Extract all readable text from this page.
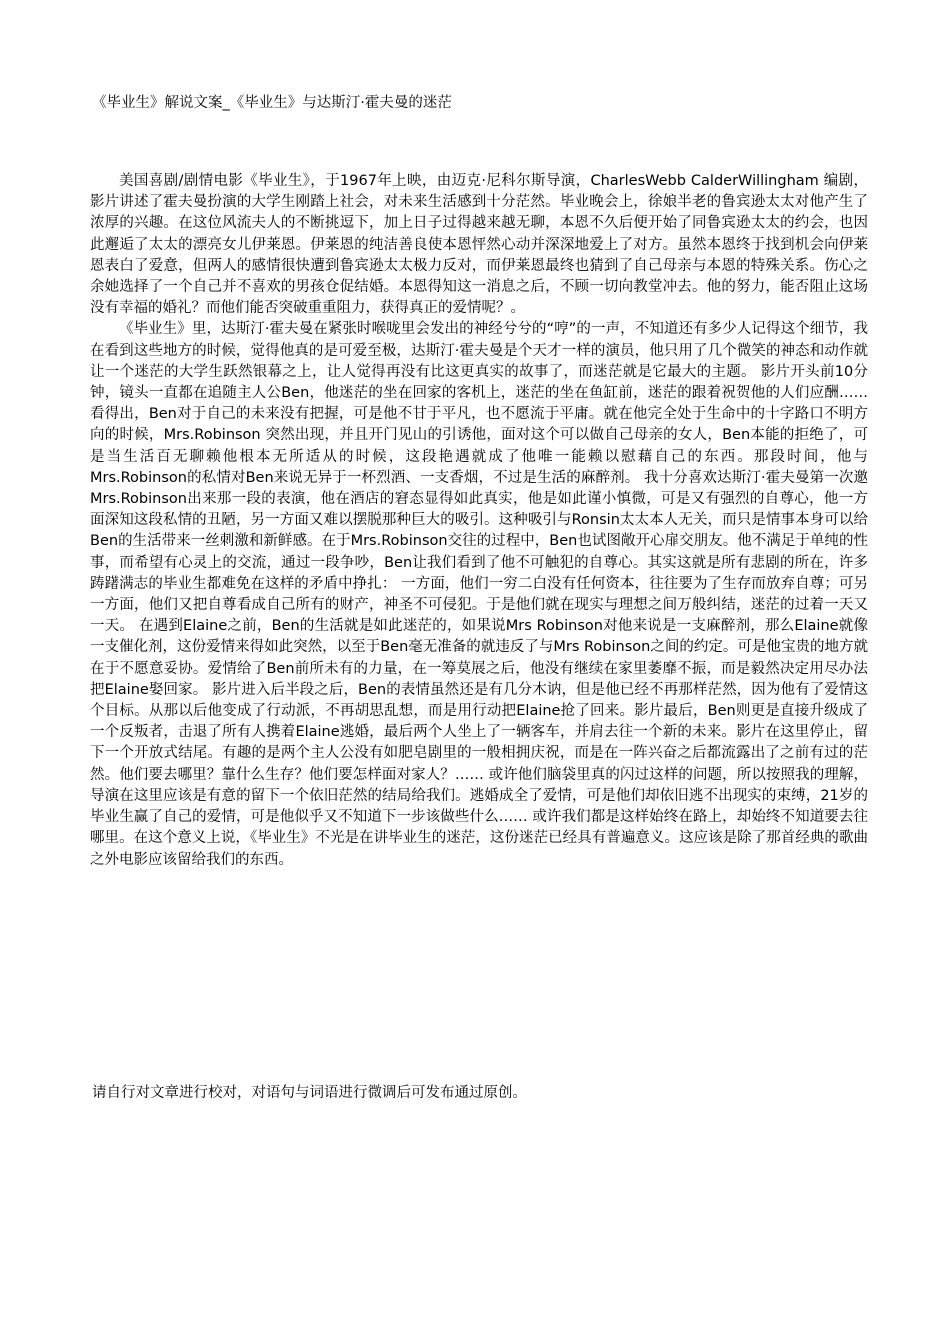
《毕业生》解说文案_《毕业生》与达斯汀·霍夫曼的迷茫

美国喜剧/剧情电影《毕业生》，于1967年上映，由迈克·尼科尔斯导演，CharlesWebb CalderWillingham 编剧，影片讲述了霍夫曼扮演的大学生刚踏上社会，对未来生活感到十分茫然。毕业晚会上，徐娘半老的鲁宾逊太太对他产生了浓厚的兴趣。在这位风流夫人的不断挑逗下，加上日子过得越来越无聊，本恩不久后便开始了同鲁宾逊太太的约会，也因此邂逅了太太的漂亮女儿伊莱恩。伊莱恩的纯洁善良使本恩怦然心动并深深地爱上了对方。虽然本恩终于找到机会向伊莱恩表白了爱意，但两人的感情很快遭到鲁宾逊太太极力反对，而伊莱恩最终也猜到了自己母亲与本恩的特殊关系。伤心之余她选择了一个自己并不喜欢的男孩仓促结婚。本恩得知这一消息之后，不顾一切向教堂冲去。他的努力，能否阻止这场没有幸福的婚礼？而他们能否突破重重阻力，获得真正的爱情呢？。

《毕业生》里，达斯汀·霍夫曼在紧张时喉咙里会发出的神经兮兮的“哼”的一声，不知道还有多少人记得这个细节，我在看到这些地方的时候，觉得他真的是可爱至极，达斯汀·霍夫曼是个天才一样的演员，他只用了几个微笑的神态和动作就让一个迷茫的大学生跃然银幕之上，让人觉得再没有比这更真实的故事了，而迷茫就是它最大的主题。 影片开头前10分钟，镜头一直都在追随主人公Ben，他迷茫的坐在回家的客机上，迷茫的坐在鱼缸前，迷茫的跟着祝贺他的人们应酬……看得出，Ben对于自己的未来没有把握，可是他不甘于平凡，也不愿流于平庸。就在他完全处于生命中的十字路口不明方向的时候，Mrs.Robinson 突然出现，并且开门见山的引诱他，面对这个可以做自己母亲的女人，Ben本能的拒绝了，可是当生活百无聊赖他根本无所适从的时候，这段艳遇就成了他唯一能赖以慰藉自己的东西。那段时间，他与Mrs.Robinson的私情对Ben来说无异于一杯烈酒、一支香烟，不过是生活的麻醉剂。 我十分喜欢达斯汀·霍夫曼第一次邀Mrs.Robinson出来那一段的表演，他在酒店的窘态显得如此真实，他是如此谨小慎微，可是又有强烈的自尊心，他一方面深知这段私情的丑陋，另一方面又难以摆脱那种巨大的吸引。这种吸引与Ronsin太太本人无关，而只是情事本身可以给Ben的生活带来一丝刺激和新鲜感。在于Mrs.Robinson交往的过程中，Ben也试图敞开心扉交朋友。他不满足于单纯的性事，而希望有心灵上的交流，通过一段争吵，Ben让我们看到了他不可触犯的自尊心。其实这就是所有悲剧的所在，许多踌躇满志的毕业生都难免在这样的矛盾中挣扎： 一方面，他们一穷二白没有任何资本，往往要为了生存而放弃自尊；可另一方面，他们又把自尊看成自己所有的财产，神圣不可侵犯。于是他们就在现实与理想之间万般纠结，迷茫的过着一天又一天。 在遇到Elaine之前，Ben的生活就是如此迷茫的，如果说Mrs Robinson对他来说是一支麻醉剂，那么Elaine就像一支催化剂，这份爱情来得如此突然，以至于Ben毫无准备的就违反了与Mrs Robinson之间的约定。可是他宝贵的地方就在于不愿意妥协。爱情给了Ben前所未有的力量，在一筹莫展之后，他没有继续在家里萎靡不振，而是毅然决定用尽办法把Elaine娶回家。 影片进入后半段之后，Ben的表情虽然还是有几分木讷，但是他已经不再那样茫然，因为他有了爱情这个目标。从那以后他变成了行动派，不再胡思乱想，而是用行动把Elaine抢了回来。影片最后，Ben则更是直接升级成了一个反叛者，击退了所有人携着Elaine逃婚，最后两个人坐上了一辆客车，并肩去往一个新的未来。影片在这里停止，留下一个开放式结尾。有趣的是两个主人公没有如肥皂剧里的一般相拥庆祝，而是在一阵兴奋之后都流露出了之前有过的茫然。他们要去哪里？靠什么生存？他们要怎样面对家人？…… 或许他们脑袋里真的闪过这样的问题，所以按照我的理解，导演在这里应该是有意的留下一个依旧茫然的结局给我们。逃婚成全了爱情，可是他们却依旧逃不出现实的束缚，21岁的毕业生赢了自己的爱情，可是他似乎又不知道下一步该做些什么…… 或许我们都是这样始终在路上，却始终不知道要去往哪里。在这个意义上说，《毕业生》不光是在讲毕业生的迷茫，这份迷茫已经具有普遍意义。这应该是除了那首经典的歌曲之外电影应该留给我们的东西。

请自行对文章进行校对，对语句与词语进行微调后可发布通过原创。
